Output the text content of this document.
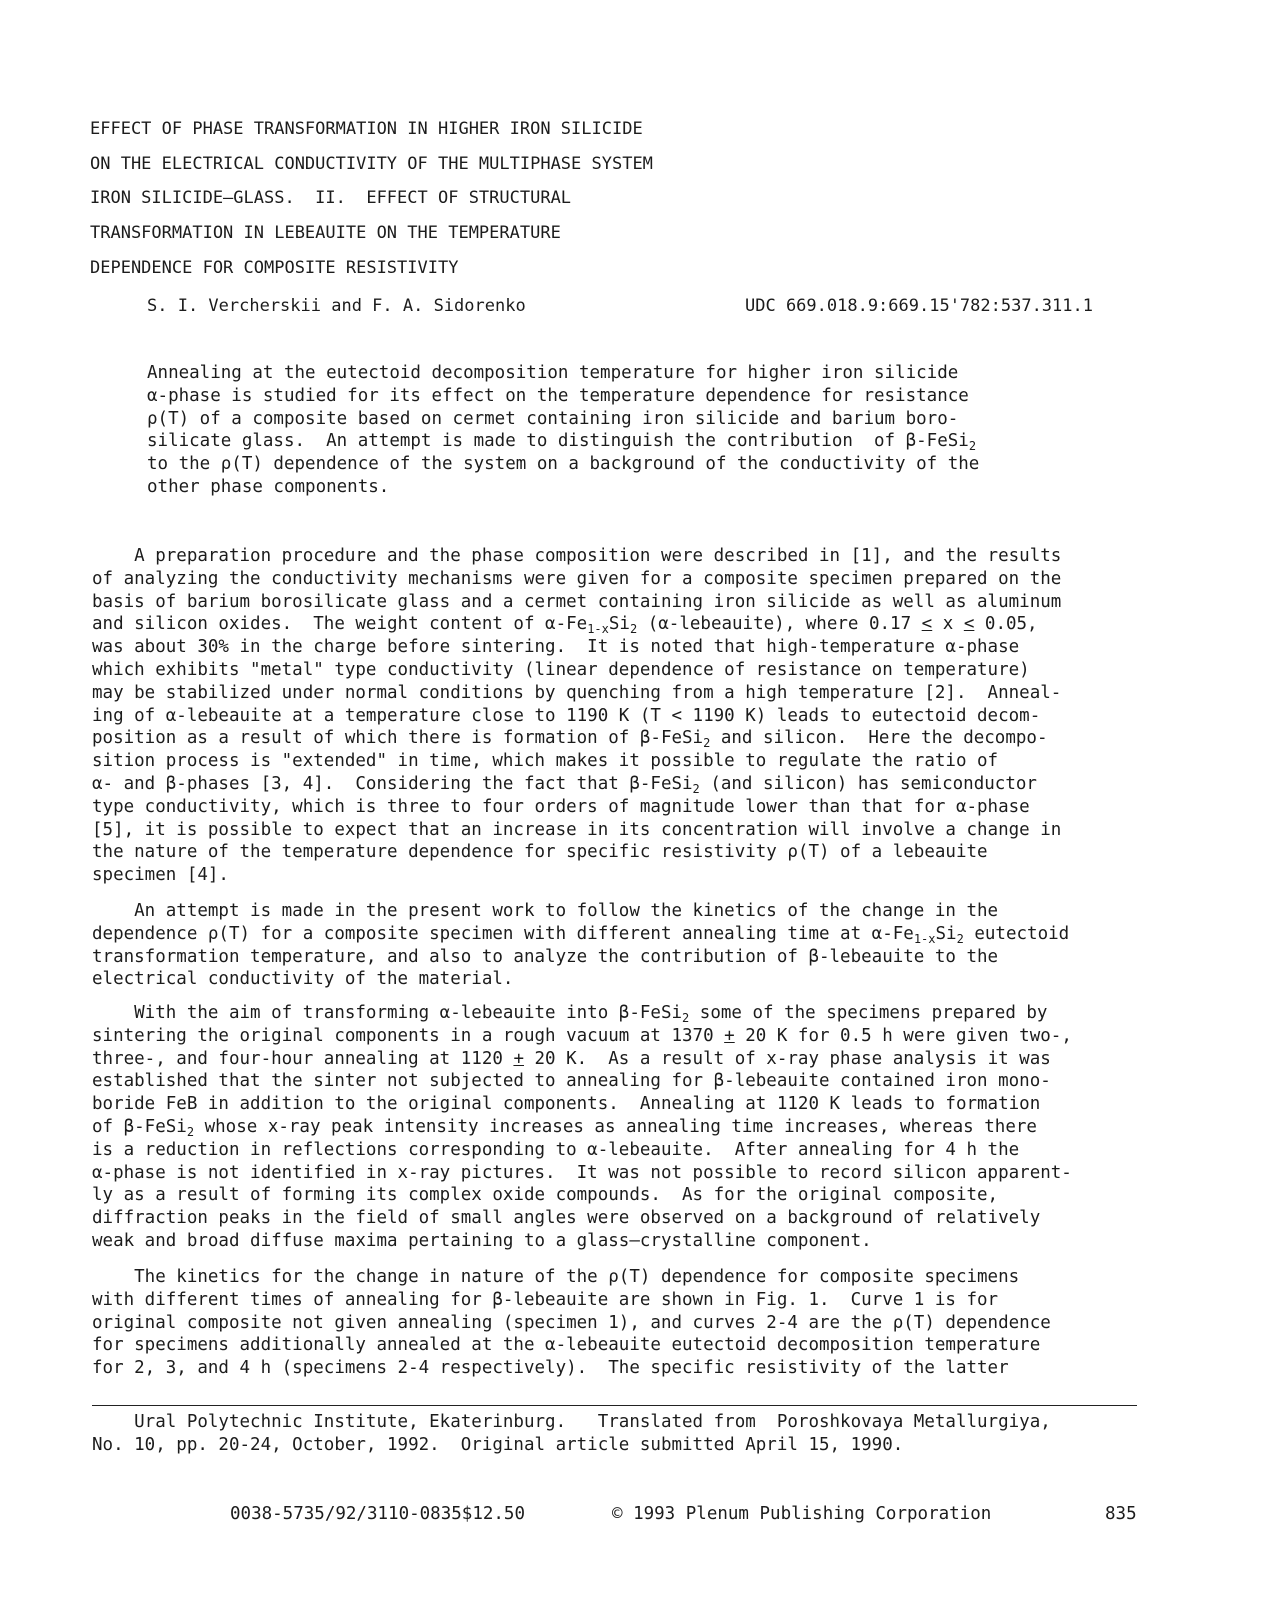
EFFECT OF PHASE TRANSFORMATION IN HIGHER IRON SILICIDE
ON THE ELECTRICAL CONDUCTIVITY OF THE MULTIPHASE SYSTEM
IRON SILICIDE—GLASS.  II.  EFFECT OF STRUCTURAL
TRANSFORMATION IN LEBEAUITE ON THE TEMPERATURE
DEPENDENCE FOR COMPOSITE RESISTIVITY
S. I. Vercherskii and F. A. Sidorenko	UDC 669.018.9:669.15'782:537.311.1
Annealing at the eutectoid decomposition temperature for higher iron silicide
α-phase is studied for its effect on the temperature dependence for resistance
ρ(T) of a composite based on cermet containing iron silicide and barium boro-
silicate glass.  An attempt is made to distinguish the contribution  of β-FeSi$_2$
to the ρ(T) dependence of the system on a background of the conductivity of the
other phase components.
A preparation procedure and the phase composition were described in [1], and the results
of analyzing the conductivity mechanisms were given for a composite specimen prepared on the
basis of barium borosilicate glass and a cermet containing iron silicide as well as aluminum
and silicon oxides.  The weight content of $\alpha-Fe_{1-x}Si_2$ (α-lebeauite), where 0.17 ≤ x ≤ 0.05,
was about 30% in the charge before sintering.  It is noted that high-temperature α-phase
which exhibits "metal" type conductivity (linear dependence of resistance on temperature)
may be stabilized under normal conditions by quenching from a high temperature [2].  Anneal-
ing of α-lebeauite at a temperature close to 1190 K (T < 1190 K) leads to eutectoid decom-
position as a result of which there is formation of β-FeSi$_2$ and silicon.  Here the decompo-
sition process is "extended" in time, which makes it possible to regulate the ratio of
α- and β-phases [3, 4].  Considering the fact that β-FeSi$_2$ (and silicon) has semiconductor
type conductivity, which is three to four orders of magnitude lower than that for α-phase
[5], it is possible to expect that an increase in its concentration will involve a change in
the nature of the temperature dependence for specific resistivity ρ(T) of a lebeauite
specimen [4].
An attempt is made in the present work to follow the kinetics of the change in the
dependence ρ(T) for a composite specimen with different annealing time at $\alpha-Fe_{1-x}Si_2$ eutectoid
transformation temperature, and also to analyze the contribution of β-lebeauite to the
electrical conductivity of the material.
With the aim of transforming α-lebeauite into β-FeSi$_2$ some of the specimens prepared by
sintering the original components in a rough vacuum at 1370 + 20 K for 0.5 h were given two-,
three-, and four-hour annealing at 1120 + 20 K.  As a result of x-ray phase analysis it was
established that the sinter not subjected to annealing for β-lebeauite contained iron mono-
boride FeB in addition to the original components.  Annealing at 1120 K leads to formation
of β-FeSi$_2$ whose x-ray peak intensity increases as annealing time increases, whereas there
is a reduction in reflections corresponding to α-lebeauite.  After annealing for 4 h the
α-phase is not identified in x-ray pictures.  It was not possible to record silicon apparent-
ly as a result of forming its complex oxide compounds.  As for the original composite,
diffraction peaks in the field of small angles were observed on a background of relatively
weak and broad diffuse maxima pertaining to a glass—crystalline component.
The kinetics for the change in nature of the ρ(T) dependence for composite specimens
with different times of annealing for β-lebeauite are shown in Fig. 1.  Curve 1 is for
original composite not given annealing (specimen 1), and curves 2-4 are the ρ(T) dependence
for specimens additionally annealed at the α-lebeauite eutectoid decomposition temperature
for 2, 3, and 4 h (specimens 2-4 respectively).  The specific resistivity of the latter
Ural Polytechnic Institute, Ekaterinburg.   Translated from  Poroshkovaya Metallurgiya,
No. 10, pp. 20-24, October, 1992.  Original article submitted April 15, 1990.
0038-5735/92/3110-0835$12.50	© 1993 Plenum Publishing Corporation	835
